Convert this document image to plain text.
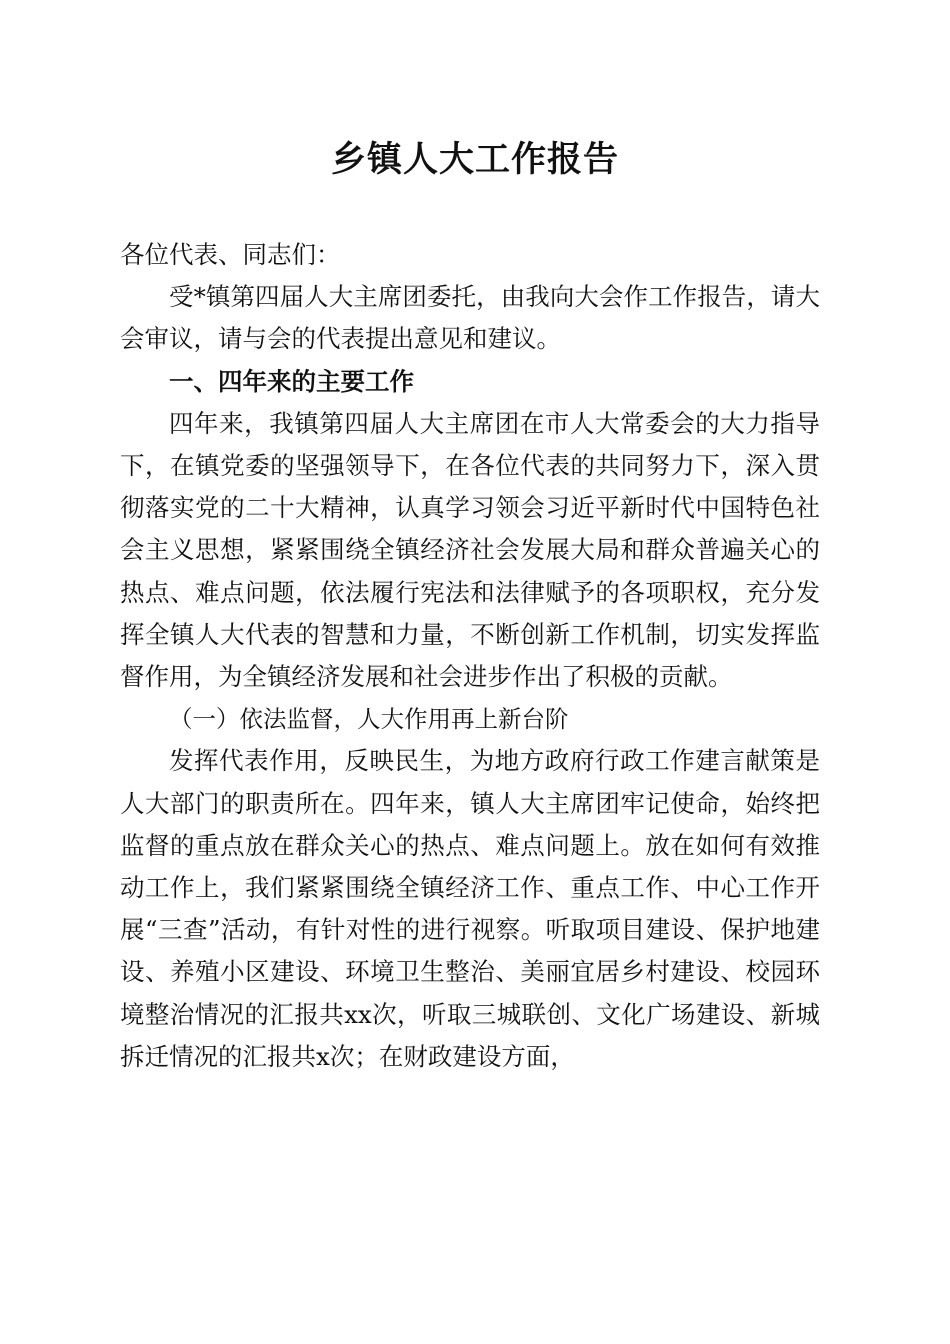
乡镇人大工作报告

各位代表、同志们：

受*镇第四届人大主席团委托，由我向大会作工作报告，请大会审议，请与会的代表提出意见和建议。

一、四年来的主要工作

四年来，我镇第四届人大主席团在市人大常委会的大力指导下，在镇党委的坚强领导下，在各位代表的共同努力下，深入贯彻落实党的二十大精神，认真学习领会习近平新时代中国特色社会主义思想，紧紧围绕全镇经济社会发展大局和群众普遍关心的热点、难点问题，依法履行宪法和法律赋予的各项职权，充分发挥全镇人大代表的智慧和力量，不断创新工作机制，切实发挥监督作用，为全镇经济发展和社会进步作出了积极的贡献。

（一）依法监督，人大作用再上新台阶

发挥代表作用，反映民生，为地方政府行政工作建言献策是人大部门的职责所在。四年来，镇人大主席团牢记使命，始终把监督的重点放在群众关心的热点、难点问题上。放在如何有效推动工作上，我们紧紧围绕全镇经济工作、重点工作、中心工作开展“三查”活动，有针对性的进行视察。听取项目建设、保护地建设、养殖小区建设、环境卫生整治、美丽宜居乡村建设、校园环境整治情况的汇报共xx次，听取三城联创、文化广场建设、新城拆迁情况的汇报共x次；在财政建设方面，
